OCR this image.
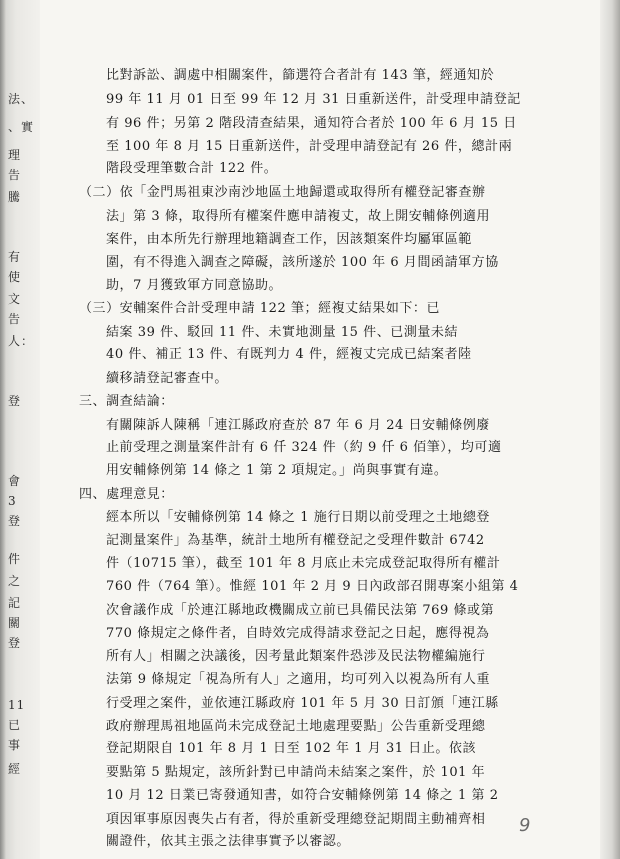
法、
、實
理
告
騰
有
使
文
告
人：
登
會
3
登
件
之
記
關
登
11
已
事
經
比對訴訟、調處中相關案件，篩選符合者計有 143 筆，經通知於
99 年 11 月 01 日至 99 年 12 月 31 日重新送件，計受理申請登記
有 96 件；另第 2 階段清查結果，通知符合者於 100 年 6 月 15 日
至 100 年 8 月 15 日重新送件，計受理申請登記有 26 件，總計兩
階段受理筆數合計 122 件。
（二）依「金門馬祖東沙南沙地區土地歸還或取得所有權登記審查辦
法」第 3 條，取得所有權案件應申請複丈，故上開安輔條例適用
案件，由本所先行辦理地籍調查工作，因該類案件均屬軍區範
圍，有不得進入調查之障礙，該所遂於 100 年 6 月間函請軍方協
助，7 月獲致軍方同意協助。
（三）安輔案件合計受理申請 122 筆；經複丈結果如下：已
結案 39 件、駁回 11 件、未實地測量 15 件、已測量未結
40 件、補正 13 件、有既判力 4 件，經複丈完成已結案者陸
續移請登記審查中。
三、調查結論：
有關陳訴人陳稱「連江縣政府查於 87 年 6 月 24 日安輔條例廢
止前受理之測量案件計有 6 仟 324 件（約 9 仟 6 佰筆），均可適
用安輔條例第 14 條之 1 第 2 項規定。」尚與事實有違。
四、處理意見：
經本所以「安輔條例第 14 條之 1 施行日期以前受理之土地總登
記測量案件」為基準，統計土地所有權登記之受理件數計 6742
件（10715 筆），截至 101 年 8 月底止未完成登記取得所有權計
760 件（764 筆）。惟經 101 年 2 月 9 日內政部召開專案小組第 4
次會議作成「於連江縣地政機關成立前已具備民法第 769 條或第
770 條規定之條件者，自時效完成得請求登記之日起，應得視為
所有人」相關之決議後，因考量此類案件恐涉及民法物權編施行
法第 9 條規定「視為所有人」之適用，均可列入以視為所有人重
行受理之案件，並依連江縣政府 101 年 5 月 30 日訂頒「連江縣
政府辦理馬祖地區尚未完成登記土地處理要點」公告重新受理總
登記期限自 101 年 8 月 1 日至 102 年 1 月 31 日止。依該
要點第 5 點規定，該所針對已申請尚未結案之案件，於 101 年
10 月 12 日業已寄發通知書，如符合安輔條例第 14 條之 1 第 2
項因軍事原因喪失占有者，得於重新受理總登記期間主動補齊相
關證件，依其主張之法律事實予以審認。
9
